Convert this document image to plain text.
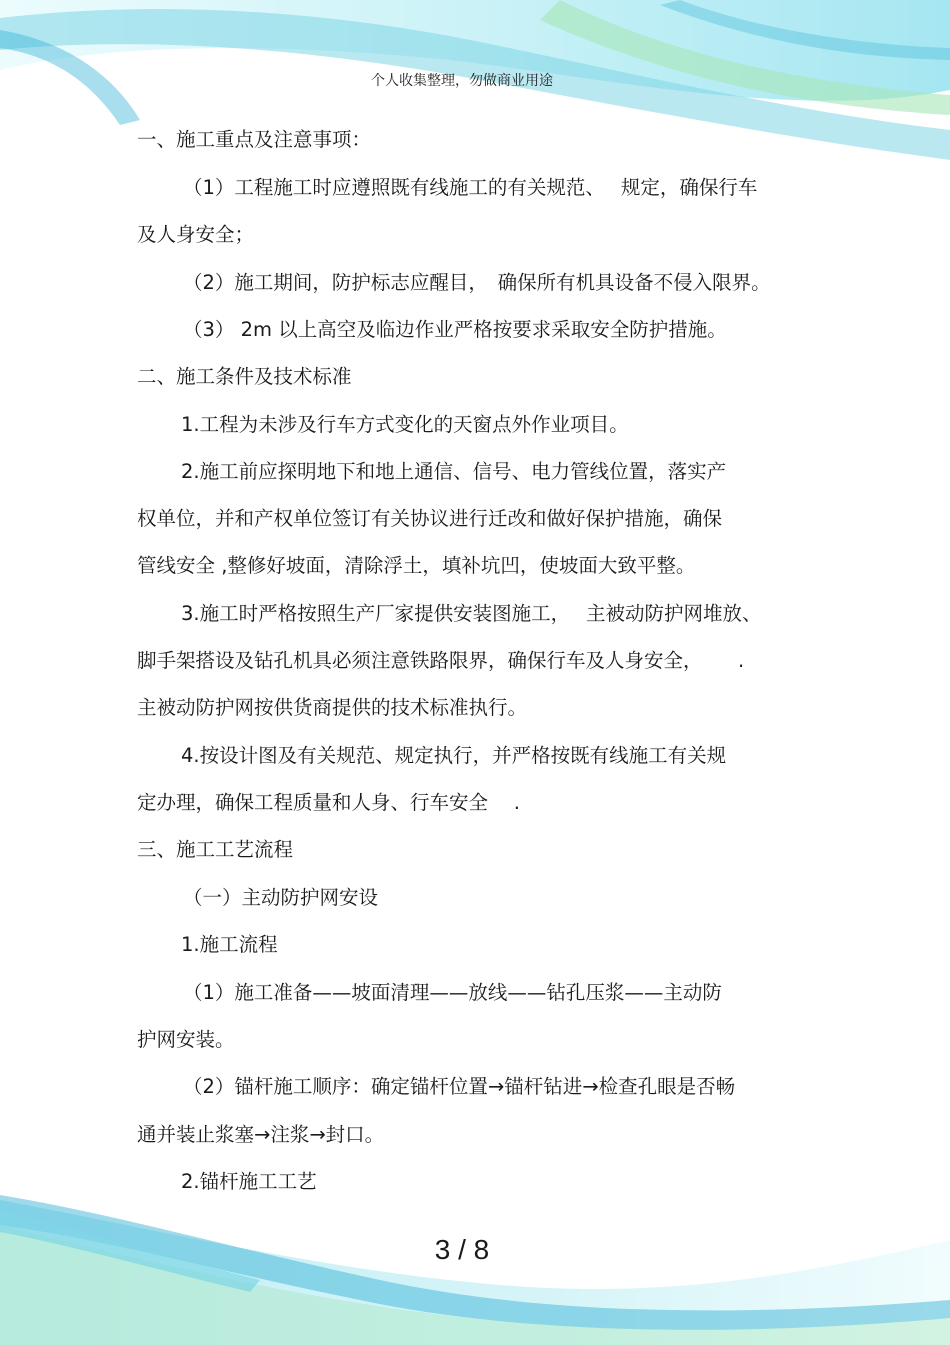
个人收集整理，勿做商业用途
一、施工重点及注意事项：
（1）工程施工时应遵照既有线施工的有关规范、　 规定，确保行车
及人身安全；
（2）施工期间，防护标志应醒目，　确保所有机具设备不侵入限界。
（3） 2m 以上高空及临边作业严格按要求采取安全防护措施。
二、施工条件及技术标准
1.工程为未涉及行车方式变化的天窗点外作业项目。
2.施工前应探明地下和地上通信、信号、电力管线位置，落实产
权单位，并和产权单位签订有关协议进行迁改和做好保护措施，确保
管线安全 ,整修好坡面，清除浮土，填补坑凹，使坡面大致平整。
3.施工时严格按照生产厂家提供安装图施工，　 主被动防护网堆放、
脚手架搭设及钻孔机具必须注意铁路限界，确保行车及人身安全，　　 .
主被动防护网按供货商提供的技术标准执行。
4.按设计图及有关规范、规定执行，并严格按既有线施工有关规
定办理，确保工程质量和人身、行车安全　 .
三、施工工艺流程
（一）主动防护网安设
1.施工流程
（1）施工准备——坡面清理——放线——钻孔压浆——主动防
护网安装。
（2）锚杆施工顺序：确定锚杆位置→锚杆钻进→检查孔眼是否畅
通并装止浆塞→注浆→封口。
2.锚杆施工工艺
3 / 8
